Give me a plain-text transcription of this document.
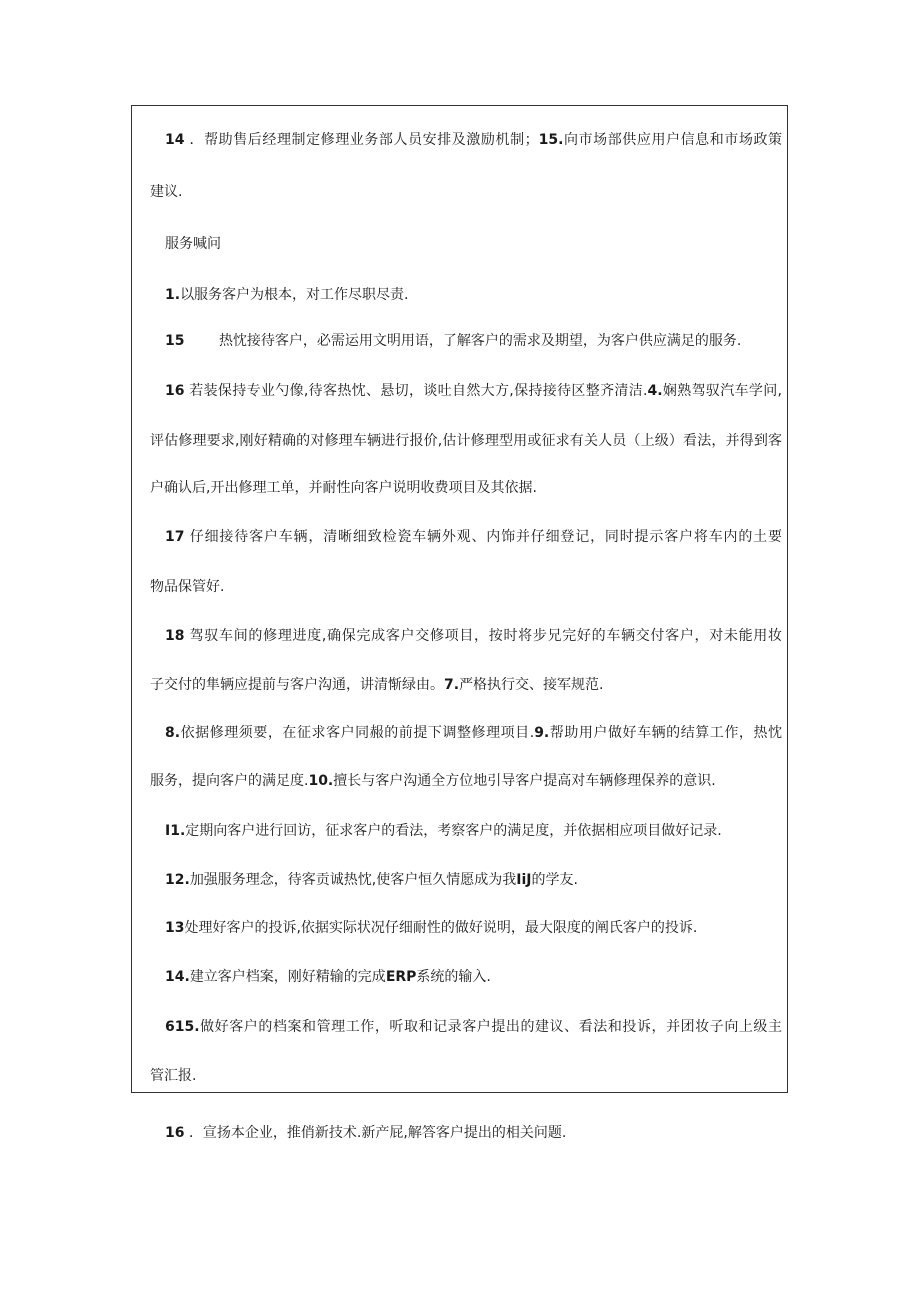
14 ．帮助售后经理制定修理业务部人员安排及激励机制；15.向市场部供应用户信息和市场政策
建议.
服务喊问
1.以服务客户为根本，对工作尽职尽责.
15 热忱接待客户，必需运用文明用语，了解客户的需求及期望，为客户供应满足的服务.
16 若装保持专业勺像,待客热忱、悬切，谈吐自然大方,保持接待区整齐清洁.4.娴熟驾驭汽车学问,
评估修理要求,刚好精确的对修理车辆进行报价,估计修理型用或征求有关人员（上级）看法，并得到客
户确认后,开出修理工单，并耐性向客户说明收费项目及其依据.
17 仔细接待客户车辆，清晰细致检瓷车辆外观、内饰并仔细登记，同时提示客户将车内的土要
物品保管好.
18 驾驭车间的修理进度,确保完成客户交修项目，按时将步兄完好的车辆交付客户，对未能用妆
子交付的隼辆应提前与客户沟通，讲清惭绿由。7.严格执行交、接军规范.
8.依据修理须要，在征求客户同赧的前提下调整修理项目.9.帮助用户做好车辆的结算工作，热忱
服务，提向客户的满足度.10.擅长与客户沟通全方位地引导客户提高对车辆修理保养的意识.
I1.定期向客户进行回访，征求客户的看法，考察客户的满足度，并依据相应项目做好记录.
12.加强服务理念，待客贡诚热忱,使客户恒久情愿成为我IiJ的学友.
13处理好客户的投诉,依据实际状况仔细耐性的做好说明，最大限度的阐氏客户的投诉.
14.建立客户档案，刚好精输的完成ERP系统的输入.
615.做好客户的档案和管理工作，听取和记录客户提出的建议、看法和投诉，并团妆子向上级主
管汇报.
16 ．宣扬本企业，推俏新技术.新产屁,解答客户提出的相关问题.
